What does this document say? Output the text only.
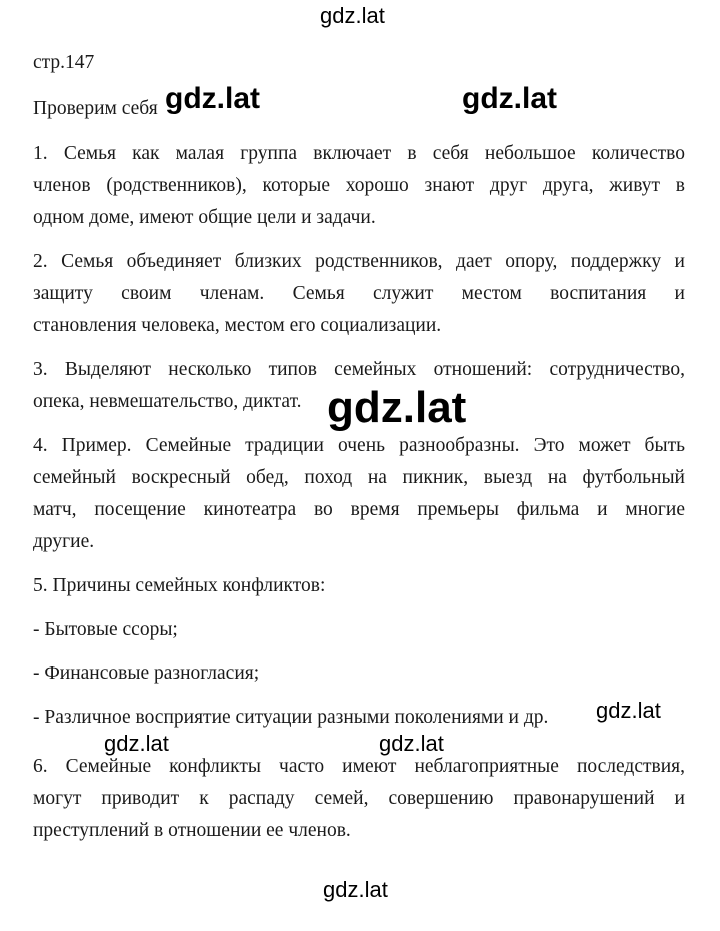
стр.147
Проверим себя
1. Семья как малая группа включает в себя небольшое количество
членов (родственников), которые хорошо знают друг друга, живут в
одном доме, имеют общие цели и задачи.
2. Семья объединяет близких родственников, дает опору, поддержку и
защиту своим членам. Семья служит местом воспитания и
становления человека, местом его социализации.
3. Выделяют несколько типов семейных отношений: сотрудничество,
опека, невмешательство, диктат.
4. Пример. Семейные традиции очень разнообразны. Это может быть
семейный воскресный обед, поход на пикник, выезд на футбольный
матч, посещение кинотеатра во время премьеры фильма и многие
другие.
5. Причины семейных конфликтов:
- Бытовые ссоры;
- Финансовые разногласия;
- Различное восприятие ситуации разными поколениями и др.
6. Семейные конфликты часто имеют неблагоприятные последствия,
могут приводит к распаду семей, совершению правонарушений и
преступлений в отношении ее членов.
gdz.lat
gdz.lat	gdz.lat
gdz.lat
gdz.lat
gdz.lat	gdz.lat
gdz.lat
